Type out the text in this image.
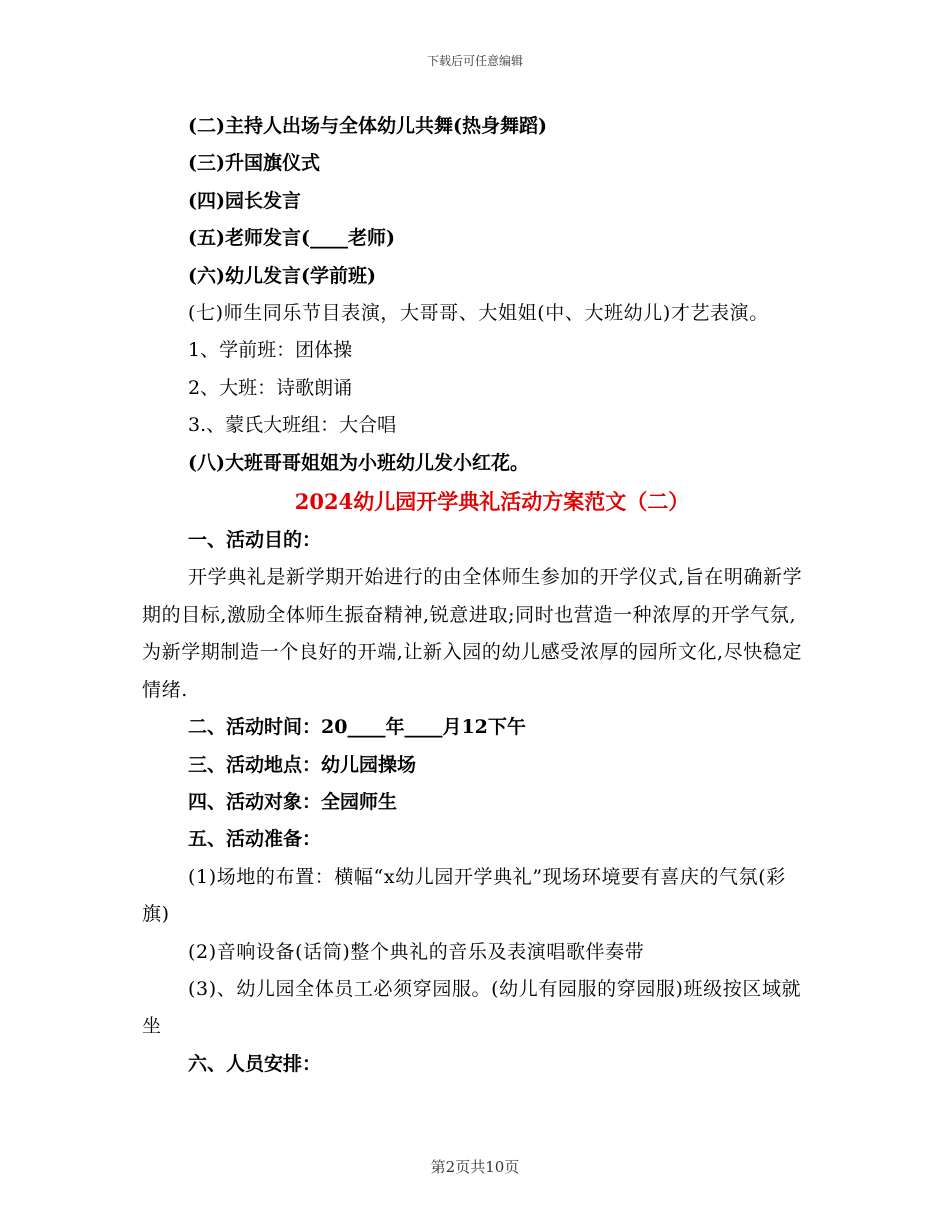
下载后可任意编辑

(二)主持人出场与全体幼儿共舞(热身舞蹈)

(三)升国旗仪式

(四)园长发言

(五)老师发言(____老师)

(六)幼儿发言(学前班)

(七)师生同乐节目表演，大哥哥、大姐姐(中、大班幼儿)才艺表演。

1、学前班：团体操

2、大班：诗歌朗诵

3.、蒙氏大班组：大合唱

(八)大班哥哥姐姐为小班幼儿发小红花。

2024幼儿园开学典礼活动方案范文（二）

一、活动目的：

开学典礼是新学期开始进行的由全体师生参加的开学仪式,旨在明确新学期的目标,激励全体师生振奋精神,锐意进取;同时也营造一种浓厚的开学气氛,为新学期制造一个良好的开端,让新入园的幼儿感受浓厚的园所文化,尽快稳定情绪.

二、活动时间：20____年____月12下午

三、活动地点：幼儿园操场

四、活动对象：全园师生

五、活动准备：

(1)场地的布置：横幅“x幼儿园开学典礼”现场环境要有喜庆的气氛(彩旗)

(2)音响设备(话筒)整个典礼的音乐及表演唱歌伴奏带

(3)、幼儿园全体员工必须穿园服。(幼儿有园服的穿园服)班级按区域就坐

六、人员安排：

第2页共10页
